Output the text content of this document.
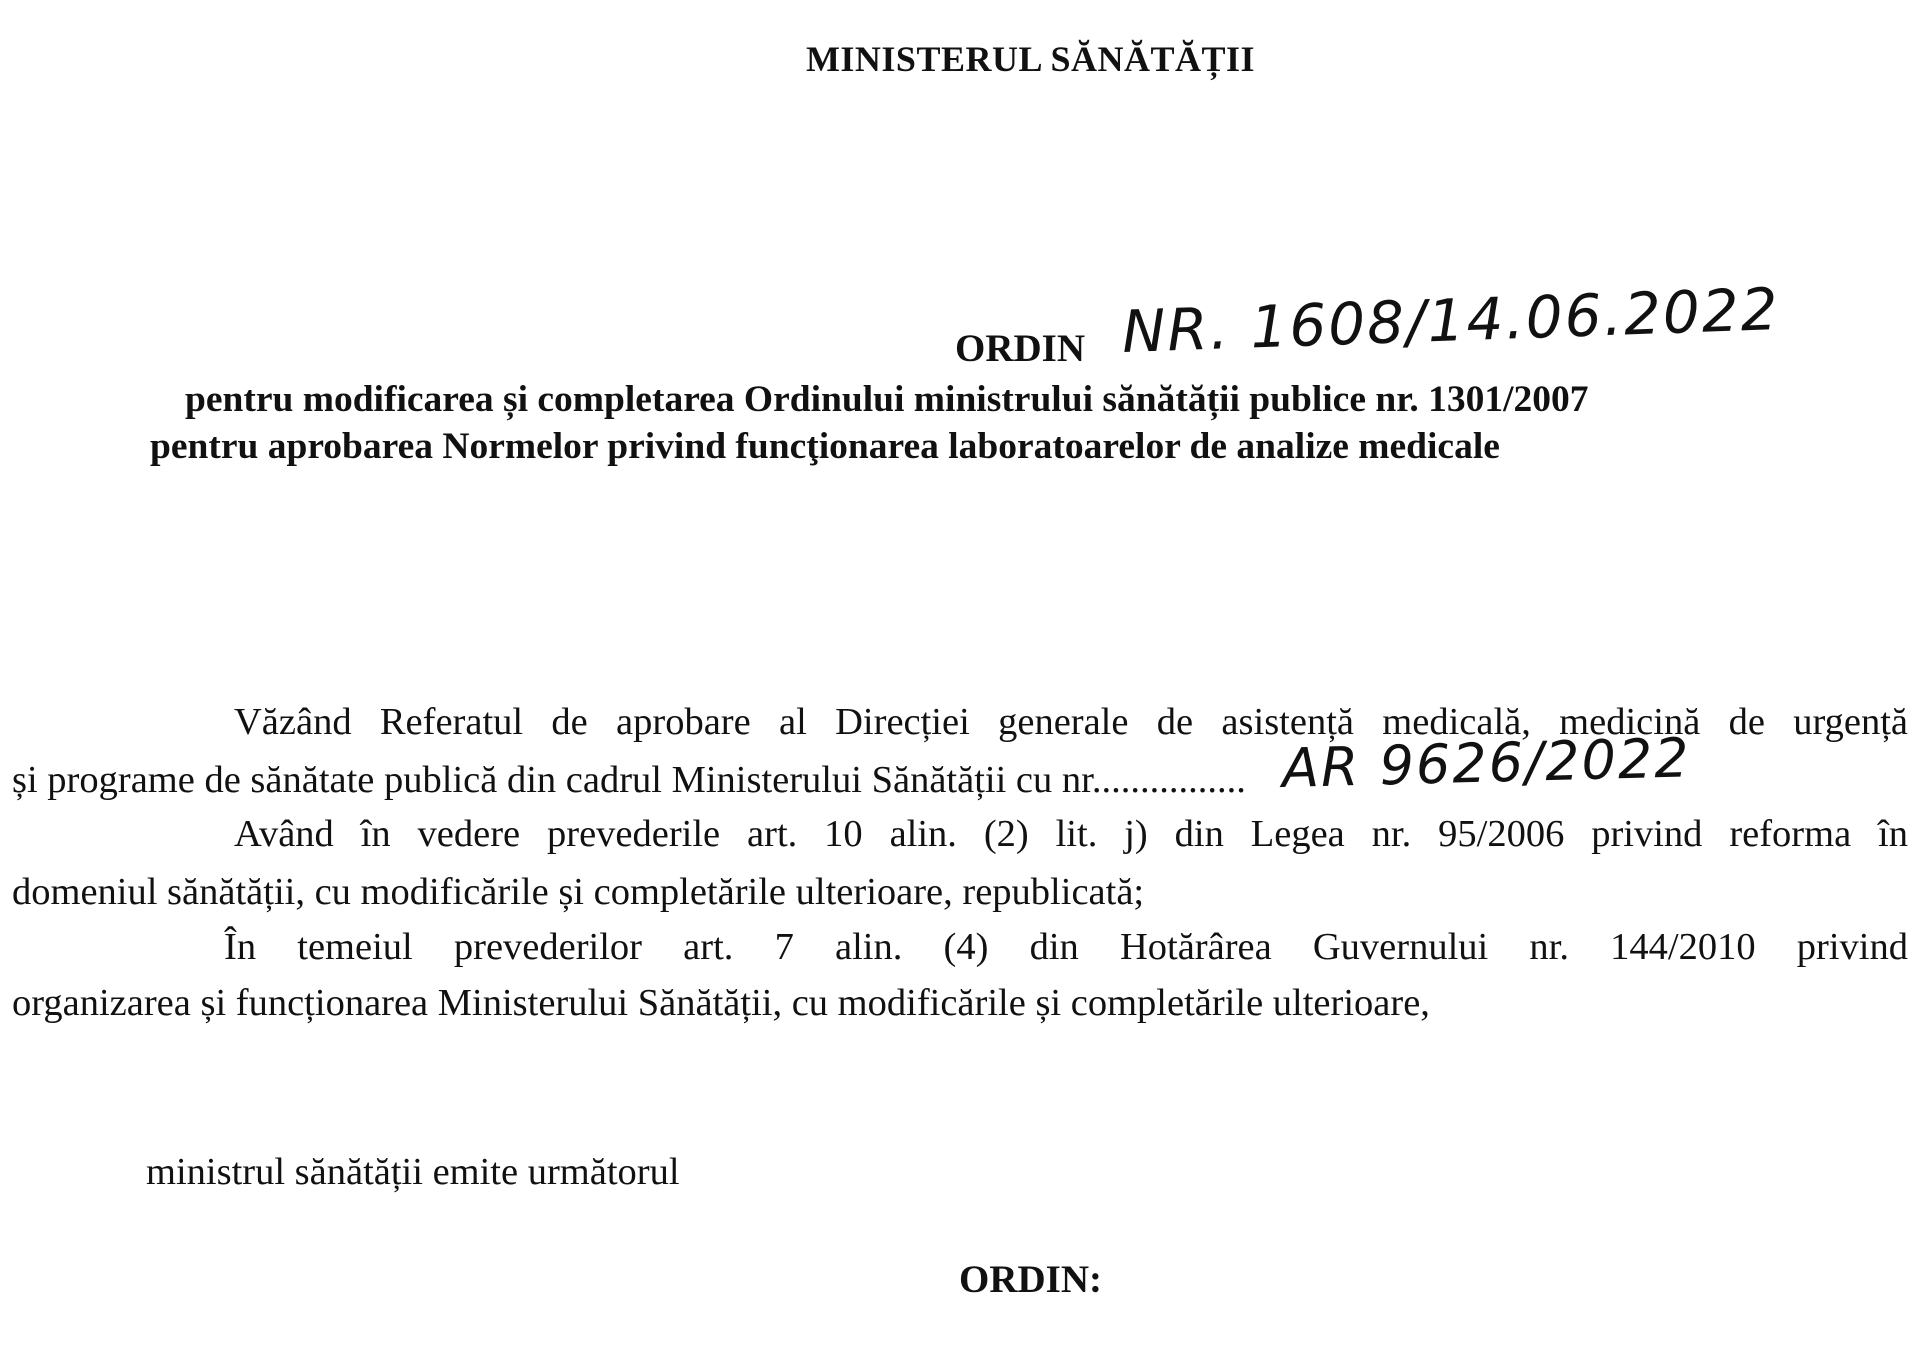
MINISTERUL SĂNĂTĂȚII
ORDIN NR. 1608/14.06.2022
pentru modificarea și completarea Ordinului ministrului sănătății publice nr. 1301/2007
pentru aprobarea Normelor privind funcţionarea laboratoarelor de analize medicale
Văzând Referatul de aprobare al Direcției generale de asistență medicală, medicină de urgență
și programe de sănătate publică din cadrul Ministerului Sănătății cu nr................ AR 9626/2022
Având în vedere prevederile art. 10 alin. (2) lit. j) din Legea nr. 95/2006 privind reforma în
domeniul sănătății, cu modificările și completările ulterioare, republicată;
În temeiul prevederilor art. 7 alin. (4) din Hotărârea Guvernului nr. 144/2010 privind
organizarea și funcționarea Ministerului Sănătății, cu modificările și completările ulterioare,
ministrul sănătății emite următorul
ORDIN:
